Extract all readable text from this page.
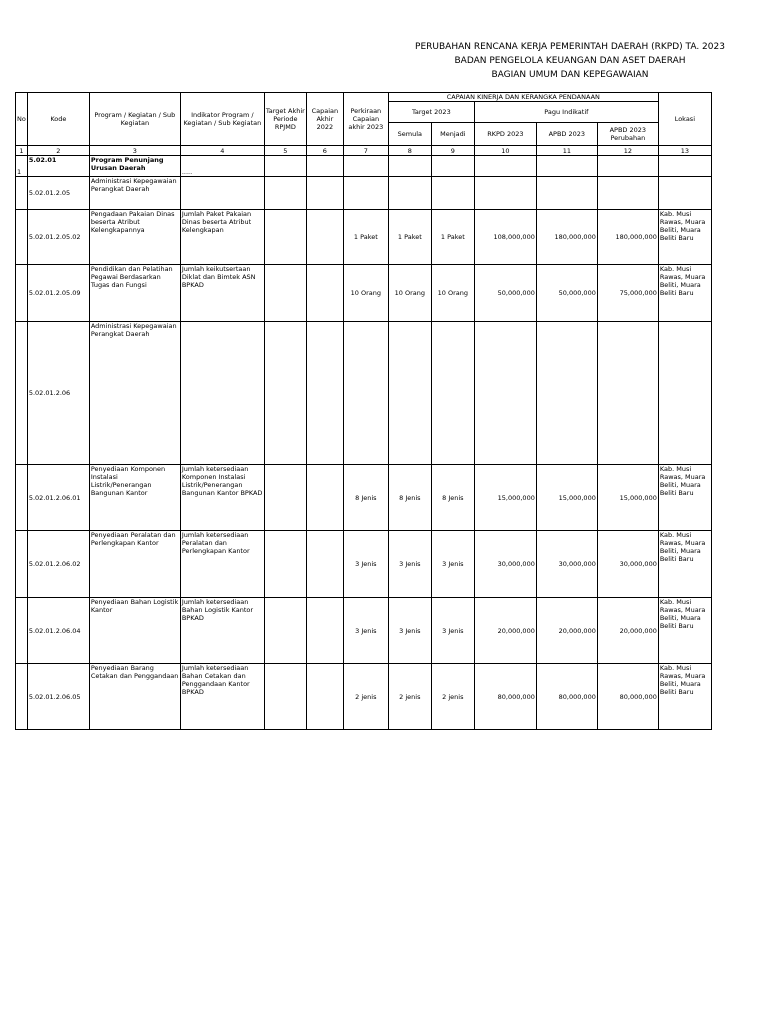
PERUBAHAN RENCANA KERJA PEMERINTAH DAERAH (RKPD) TA. 2023
BADAN PENGELOLA KEUANGAN DAN ASET DAERAH
BAGIAN UMUM DAN KEPEGAWAIAN
No	Kode	Program / Kegiatan / Sub Kegiatan	Indikator Program / Kegiatan / Sub Kegiatan	Target Akhir Periode RPJMD	Capaian Akhir 2022	Perkiraan Capaian akhir 2023	CAPAIAN KINERJA DAN KERANGKA PENDANAAN					Lokasi
							Target 2023		Pagu Indikatif			
							Semula	Menjadi	RKPD 2023	APBD 2023	APBD 2023 Perubahan	
1	2	3	4	5	6	7	8	9	10	11	12	13
1	5.02.01	Program Penunjang Urusan Daerah	.....									
	5.02.01.2.05	Administrasi Kepegawaian Perangkat Daerah										
	5.02.01.2.05.02	Pengadaan Pakaian Dinas beserta Atribut Kelengkapannya	Jumlah Paket Pakaian Dinas beserta Atribut Kelengkapan			1 Paket	1 Paket	1 Paket	108,000,000	180,000,000	180,000,000	Kab. Musi Rawas, Muara Beliti, Muara Beliti Baru
	5.02.01.2.05.09	Pendidikan dan Pelatihan Pegawai Berdasarkan Tugas dan Fungsi	Jumlah keikutsertaan Diklat dan Bimtek ASN BPKAD			10 Orang	10 Orang	10 Orang	50,000,000	50,000,000	75,000,000	Kab. Musi Rawas, Muara Beliti, Muara Beliti Baru
	5.02.01.2.06	Administrasi Kepegawaian Perangkat Daerah										
	5.02.01.2.06.01	Penyediaan Komponen Instalasi Listrik/Penerangan Bangunan Kantor	Jumlah ketersediaan Komponen Instalasi Listrik/Penerangan Bangunan Kantor BPKAD			8 Jenis	8 Jenis	8 Jenis	15,000,000	15,000,000	15,000,000	Kab. Musi Rawas, Muara Beliti, Muara Beliti Baru
	5.02.01.2.06.02	Penyediaan Peralatan dan Perlengkapan Kantor	Jumlah ketersediaan Peralatan dan Perlengkapan Kantor			3 Jenis	3 Jenis	3 Jenis	30,000,000	30,000,000	30,000,000	Kab. Musi Rawas, Muara Beliti, Muara Beliti Baru
	5.02.01.2.06.04	Penyediaan Bahan Logistik Kantor	Jumlah ketersediaan Bahan Logistik Kantor BPKAD			3 Jenis	3 Jenis	3 Jenis	20,000,000	20,000,000	20,000,000	Kab. Musi Rawas, Muara Beliti, Muara Beliti Baru
	5.02.01.2.06.05	Penyediaan Barang Cetakan dan Penggandaan	Jumlah ketersediaan Bahan Cetakan dan Penggandaan Kantor BPKAD			2 jenis	2 jenis	2 jenis	80,000,000	80,000,000	80,000,000	Kab. Musi Rawas, Muara Beliti, Muara Beliti Baru
